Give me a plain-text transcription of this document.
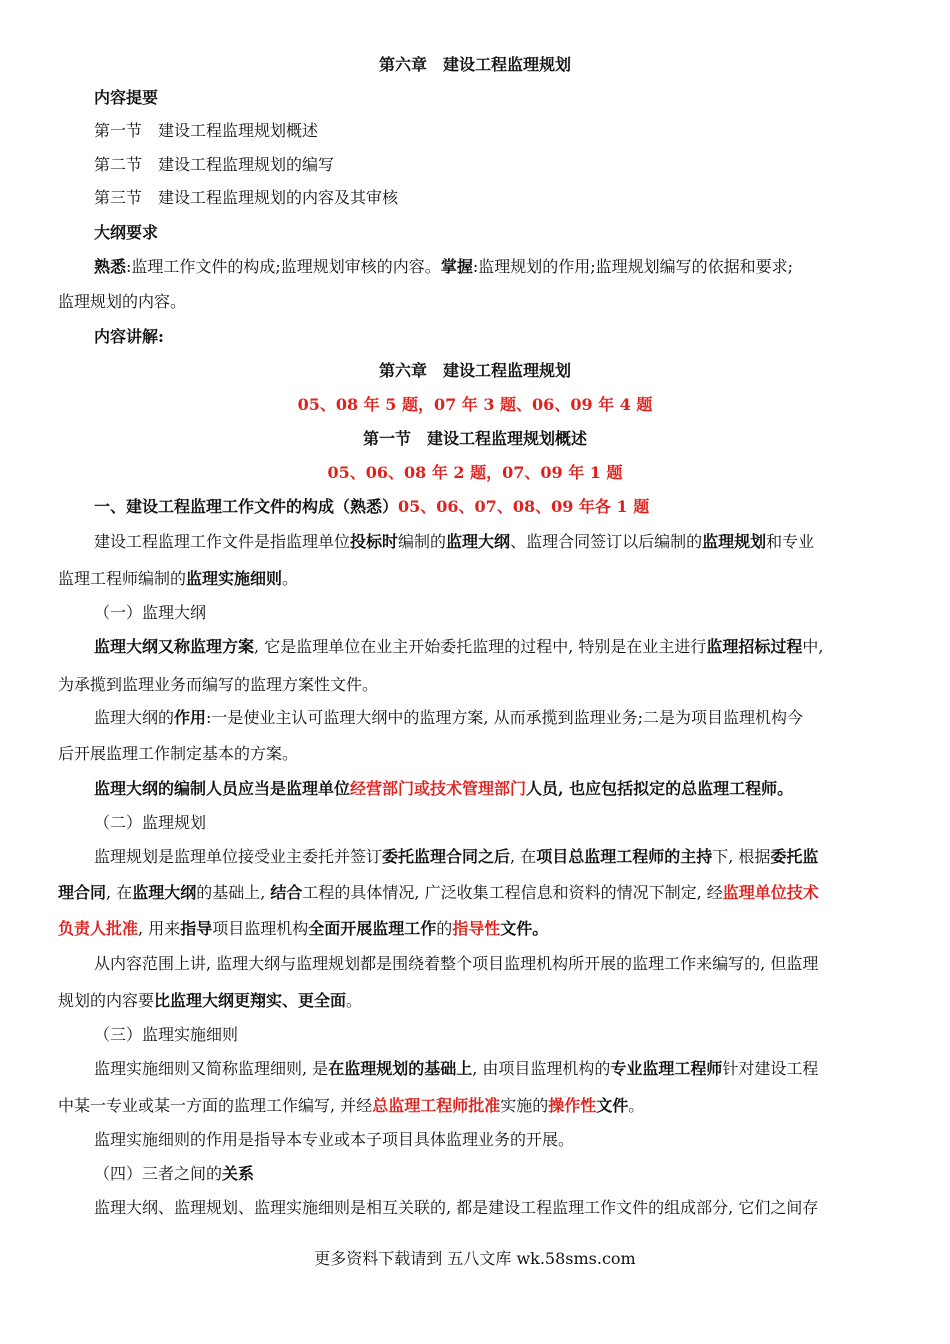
第六章　建设工程监理规划
内容提要
第一节　建设工程监理规划概述
第二节　建设工程监理规划的编写
第三节　建设工程监理规划的内容及其审核
大纲要求
熟悉:监理工作文件的构成;监理规划审核的内容。掌握:监理规划的作用;监理规划编写的依据和要求;
监理规划的内容。
内容讲解:
第六章　建设工程监理规划
05、08 年 5 题，07 年 3 题、06、09 年 4 题
第一节　建设工程监理规划概述
05、06、08 年 2 题，07、09 年 1 题
一、建设工程监理工作文件的构成（熟悉）05、06、07、08、09 年各 1 题
建设工程监理工作文件是指监理单位投标时编制的监理大纲、监理合同签订以后编制的监理规划和专业
监理工程师编制的监理实施细则。
（一）监理大纲
监理大纲又称监理方案, 它是监理单位在业主开始委托监理的过程中, 特别是在业主进行监理招标过程中,
为承揽到监理业务而编写的监理方案性文件。
监理大纲的作用:一是使业主认可监理大纲中的监理方案, 从而承揽到监理业务;二是为项目监理机构今
后开展监理工作制定基本的方案。
监理大纲的编制人员应当是监理单位经营部门或技术管理部门人员, 也应包括拟定的总监理工程师。
（二）监理规划
监理规划是监理单位接受业主委托并签订委托监理合同之后, 在项目总监理工程师的主持下, 根据委托监
理合同, 在监理大纲的基础上, 结合工程的具体情况, 广泛收集工程信息和资料的情况下制定, 经监理单位技术
负责人批准, 用来指导项目监理机构全面开展监理工作的指导性文件。
从内容范围上讲, 监理大纲与监理规划都是围绕着整个项目监理机构所开展的监理工作来编写的, 但监理
规划的内容要比监理大纲更翔实、更全面。
（三）监理实施细则
监理实施细则又简称监理细则, 是在监理规划的基础上, 由项目监理机构的专业监理工程师针对建设工程
中某一专业或某一方面的监理工作编写, 并经总监理工程师批准实施的操作性文件。
监理实施细则的作用是指导本专业或本子项目具体监理业务的开展。
（四）三者之间的关系
监理大纲、监理规划、监理实施细则是相互关联的, 都是建设工程监理工作文件的组成部分, 它们之间存
更多资料下载请到 五八文库 wk.58sms.com
